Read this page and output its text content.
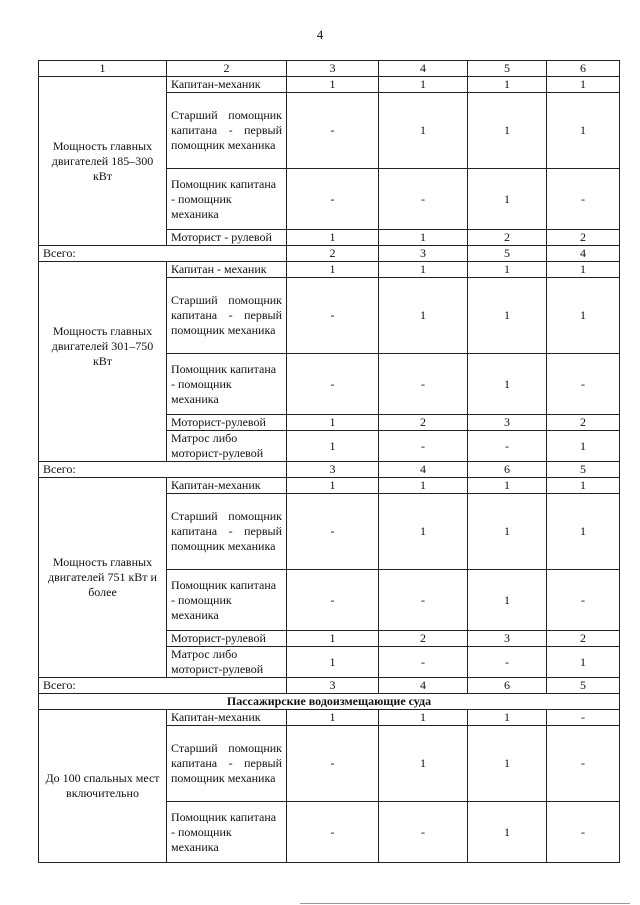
4
1	2	3	4	5	6
Мощность главных двигателей 185–300 кВт	Капитан-механик	1	1	1	1
	Старший помощник капитана - первый помощник механика	-	1	1	1
	Помощник капитана - помощник механика	-	-	1	-
	Моторист - рулевой	1	1	2	2
Всего:		2	3	5	4
Мощность главных двигателей 301–750 кВт	Капитан - механик	1	1	1	1
	Старший помощник капитана - первый помощник механика	-	1	1	1
	Помощник капитана - помощник механика	-	-	1	-
	Моторист-рулевой	1	2	3	2
	Матрос либо моторист-рулевой	1	-	-	1
Всего:		3	4	6	5
Мощность главных двигателей 751 кВт и более	Капитан-механик	1	1	1	1
	Старший помощник капитана - первый помощник механика	-	1	1	1
	Помощник капитана - помощник механика	-	-	1	-
	Моторист-рулевой	1	2	3	2
	Матрос либо моторист-рулевой	1	-	-	1
Всего:		3	4	6	5
Пассажирские водоизмещающие суда					
До 100 спальных мест включительно	Капитан-механик	1	1	1	-
	Старший помощник капитана - первый помощник механика	-	1	1	-
	Помощник капитана - помощник механика	-	-	1	-
